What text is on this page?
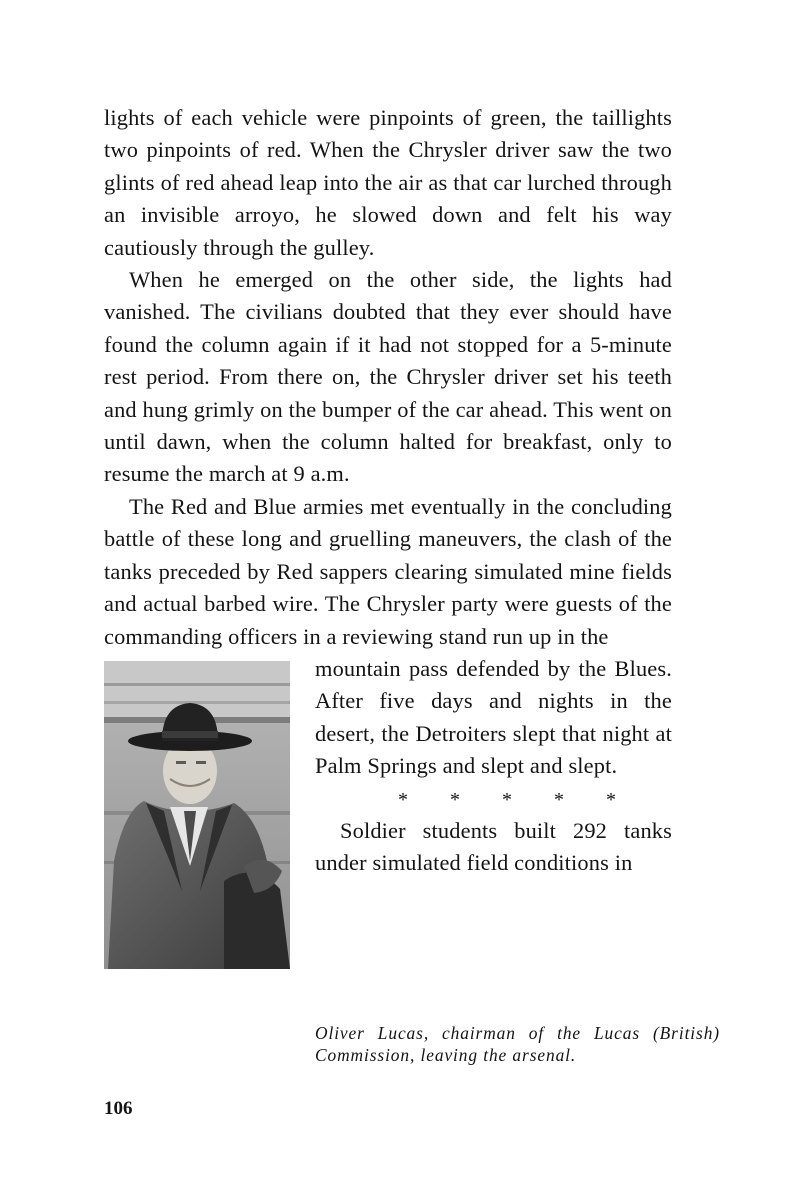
lights of each vehicle were pinpoints of green, the taillights two pinpoints of red. When the Chrysler driver saw the two glints of red ahead leap into the air as that car lurched through an invisible arroyo, he slowed down and felt his way cautiously through the gulley.

When he emerged on the other side, the lights had vanished. The civilians doubted that they ever should have found the column again if it had not stopped for a 5-minute rest period. From there on, the Chrysler driver set his teeth and hung grimly on the bumper of the car ahead. This went on until dawn, when the column halted for breakfast, only to resume the march at 9 a.m.

The Red and Blue armies met eventually in the concluding battle of these long and gruelling maneuvers, the clash of the tanks preceded by Red sappers clearing simulated mine fields and actual barbed wire. The Chrysler party were guests of the commanding officers in a reviewing stand run up in the

mountain pass defended by the Blues. After five days and nights in the desert, the Detroiters slept that night at Palm Springs and slept and slept.

* * * * *

Soldier students built 292 tanks under simulated field conditions in

Oliver Lucas, chairman of the Lucas (British) Commission, leaving the arsenal.

106
